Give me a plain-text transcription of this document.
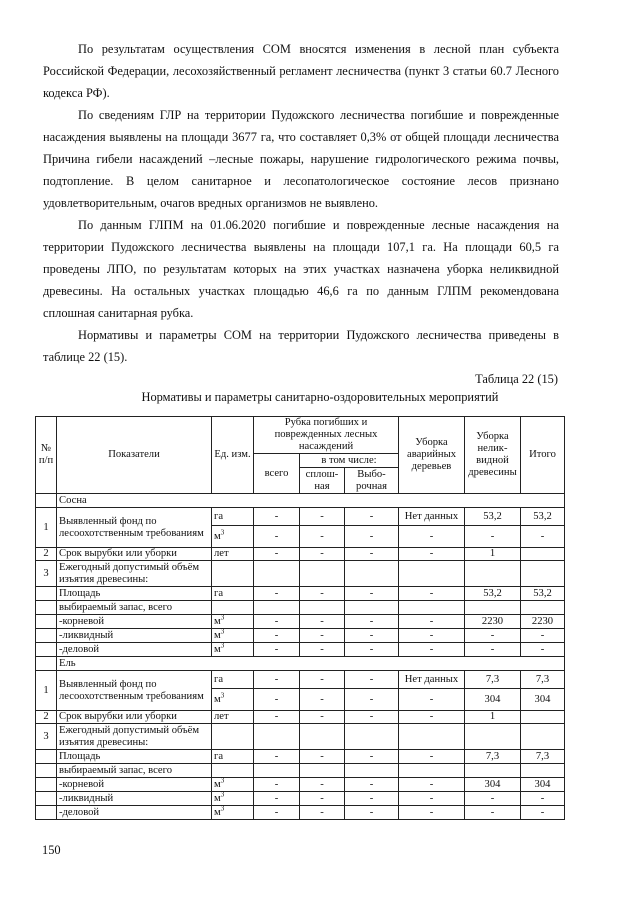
По результатам осуществления СОМ вносятся изменения в лесной план субъекта Российской Федерации, лесохозяйственный регламент лесничества (пункт 3 статьи 60.7 Лесного кодекса РФ).

По сведениям ГЛР на территории Пудожского лесничества погибшие и поврежденные насаждения выявлены на площади 3677 га, что составляет 0,3% от общей площади лесничества Причина гибели насаждений –лесные пожары, нарушение гидрологического режима почвы, подтопление. В целом санитарное и лесопатологическое состояние лесов признано удовлетворительным, очагов вредных организмов не выявлено.

По данным ГЛПМ на 01.06.2020 погибшие и поврежденные лесные насаждения на территории Пудожского лесничества выявлены на площади 107,1 га. На площади 60,5 га проведены ЛПО, по результатам которых на этих участках назначена уборка неликвидной древесины. На остальных участках площадью 46,6 га по данным ГЛПМ рекомендована сплошная санитарная рубка.

Нормативы и параметры СОМ на территории Пудожского лесничества приведены в таблице 22 (15).

Таблица 22 (15)
Нормативы и параметры санитарно-оздоровительных мероприятий
№ п/п	Показатели	Ед. изм.	Рубка погибших и поврежденных лесных насаждений			Уборка аварийных деревьев	Уборка нелик-видной древесины	Итого
			всего	в том числе:				
				сплош-ная	Выбо-рочная			
	Сосна							
1	Выявленный фонд по лесоохотственным требованиям	га	-	-	-	Нет данных	53,2	53,2
		$м^3$	-	-	-	-	-	-
2	Срок вырубки или уборки	лет	-	-	-	-	1	
3	Ежегодный допустимый объём изъятия древесины:							
	Площадь	га	-	-	-	-	53,2	53,2
	выбираемый запас, всего							
	-корневой	$м^3$	-	-	-	-	2230	2230
	-ликвидный	$м^3$	-	-	-	-	-	-
	-деловой	$м^3$	-	-	-	-	-	-
	Ель							
1	Выявленный фонд по лесоохотственным требованиям	га	-	-	-	Нет данных	7,3	7,3
		$м^3$	-	-	-	-	304	304
2	Срок вырубки или уборки	лет	-	-	-	-	1	
3	Ежегодный допустимый объём изъятия древесины:							
	Площадь	га	-	-	-	-	7,3	7,3
	выбираемый запас, всего							
	-корневой	$м^3$	-	-	-	-	304	304
	-ликвидный	$м^3$	-	-	-	-	-	-
	-деловой	$м^3$	-	-	-	-	-	-
150
